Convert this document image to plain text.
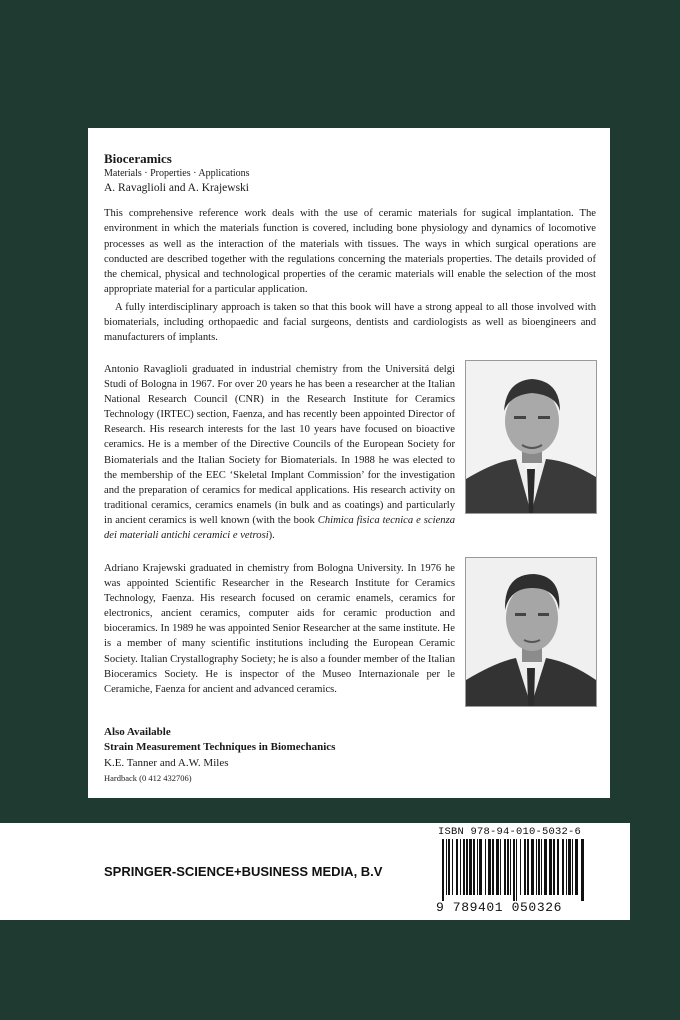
Bioceramics
Materials · Properties · Applications
A. Ravaglioli and A. Krajewski

This comprehensive reference work deals with the use of ceramic materials for sugical implantation. The environment in which the materials function is covered, including bone physiology and dynamics of locomotive processes as well as the interaction of the materials with tissues. The ways in which surgical operations are conducted are described together with the regulations concerning the materials properties. The details provided of the chemical, physical and technological properties of the ceramic materials will enable the selection of the most appropriate material for a particular application.

A fully interdisciplinary approach is taken so that this book will have a strong appeal to all those involved with biomaterials, including orthopaedic and facial surgeons, dentists and cardiologists as well as bioengineers and manufacturers of implants.

Antonio Ravaglioli graduated in industrial chemistry from the Universitá delgi Studi of Bologna in 1967. For over 20 years he has been a researcher at the Italian National Research Council (CNR) in the Research Institute for Ceramics Technology (IRTEC) section, Faenza, and has recently been appointed Director of Research. His research interests for the last 10 years have focused on bioactive ceramics. He is a member of the Directive Councils of the European Society for Biomaterials and the Italian Society for Biomaterials. In 1988 he was elected to the membership of the EEC ‘Skeletal Implant Commission’ for the investigation and the preparation of ceramics for medical applications. His research activity on traditional ceramics, ceramics enamels (in bulk and as coatings) and particularly in ancient ceramics is well known (with the book Chimica fisica tecnica e scienza dei materiali antichi ceramici e vetrosi).

Adriano Krajewski graduated in chemistry from Bologna University. In 1976 he was appointed Scientific Researcher in the Research Institute for Ceramics Technology, Faenza. His research focused on ceramic enamels, ceramics for electronics, ancient ceramics, computer aids for ceramic production and bioceramics. In 1989 he was appointed Senior Researcher at the same institute. He is a member of many scientific institutions including the European Ceramic Society. Italian Crystallography Society; he is also a founder member of the Italian Bioceramics Society. He is inspector of the Museo Internazionale per le Ceramiche, Faenza for ancient and advanced ceramics.

Also Available
Strain Measurement Techniques in Biomechanics
K.E. Tanner and A.W. Miles
Hardback (0 412 432706)
SPRINGER-SCIENCE+BUSINESS MEDIA, B.V
ISBN 978-94-010-5032-6
9 789401 050326
